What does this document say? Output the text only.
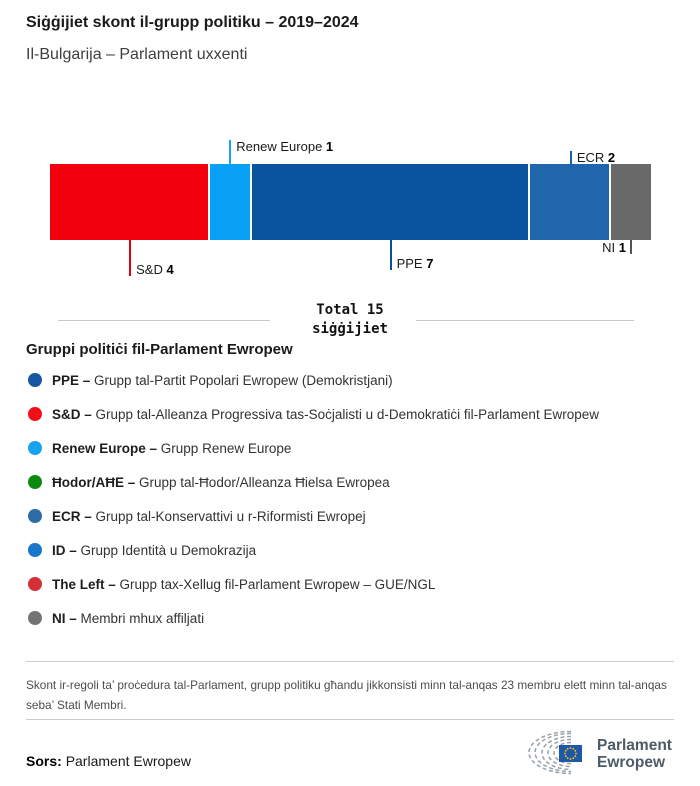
Siġġijiet skont il-grupp politiku – 2019–2024
Il-Bulgarija – Parlament uxxenti
S&D 4
Renew Europe 1
PPE 7
ECR 2
NI 1
Total 15
siġġijiet
Gruppi politiċi fil-Parlament Ewropew
PPE – Grupp tal-Partit Popolari Ewropew (Demokristjani)
S&D – Grupp tal-Alleanza Progressiva tas-Soċjalisti u d-Demokratiċi fil-Parlament Ewropew
Renew Europe – Grupp Renew Europe
Ħodor/AĦE – Grupp tal-Ħodor/Alleanza Ħielsa Ewropea
ECR – Grupp tal-Konservattivi u r-Riformisti Ewropej
ID – Grupp Identità u Demokrazija
The Left – Grupp tax-Xellug fil-Parlament Ewropew – GUE/NGL
NI – Membri mhux affiljati
Skont ir-regoli ta’ proċedura tal-Parlament, grupp politiku għandu jikkonsisti minn tal-anqas 23 membru elett minn tal-anqas seba’ Stati Membri.
Sors: Parlament Ewropew
Parlament
Ewropew
